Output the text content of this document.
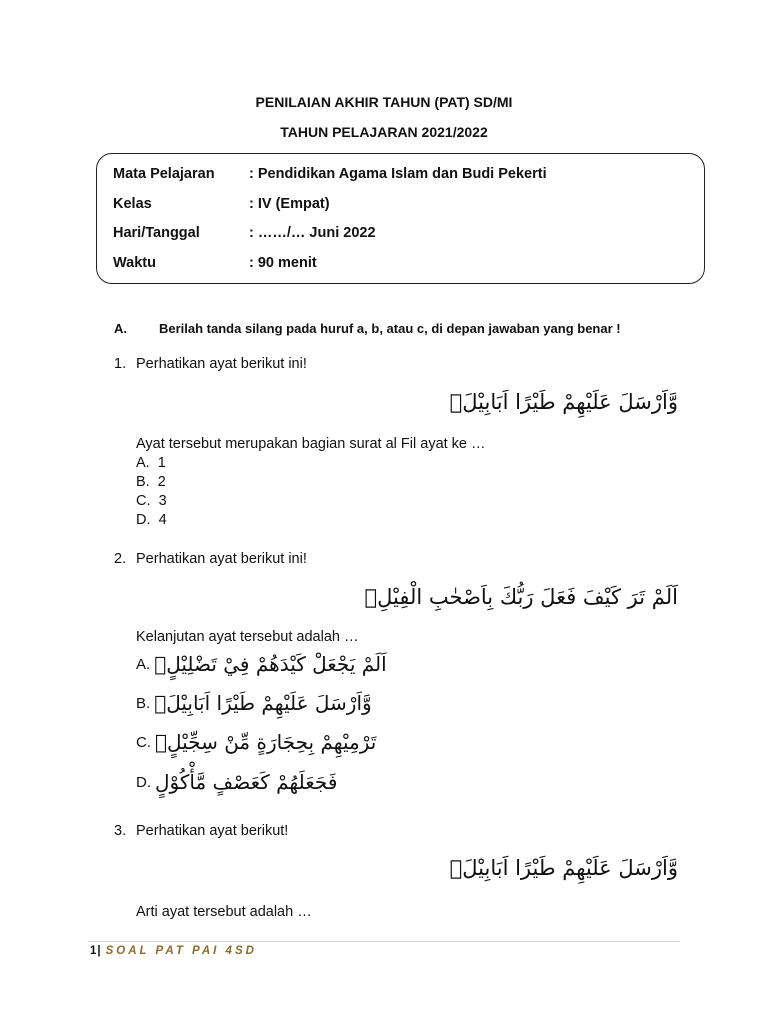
PENILAIAN AKHIR TAHUN (PAT) SD/MI
TAHUN PELAJARAN 2021/2022
Mata Pelajaran : Pendidikan Agama Islam dan Budi Pekerti
Kelas	: IV (Empat)
Hari/Tanggal	: ……/… Juni 2022
Waktu	: 90 menit
A. Berilah tanda silang pada huruf a, b, atau c, di depan jawaban yang benar !
1. Perhatikan ayat berikut ini!
وَّاَرْسَلَ عَلَيْهِمْ طَيْرًا اَبَابِيْلَۙ
Ayat tersebut merupakan bagian surat al Fil ayat ke …
A. 1
B. 2
C. 3
D. 4
2. Perhatikan ayat berikut ini!
اَلَمْ تَرَ كَيْفَ فَعَلَ رَبُّكَ بِاَصْحٰبِ الْفِيْلِۗ
Kelanjutan ayat tersebut adalah …
A. اَلَمْ يَجْعَلْ كَيْدَهُمْ فِيْ تَضْلِيْلٍۙ
B. وَّاَرْسَلَ عَلَيْهِمْ طَيْرًا اَبَابِيْلَۙ
C. تَرْمِيْهِمْ بِحِجَارَةٍ مِّنْ سِجِّيْلٍۙ
D. فَجَعَلَهُمْ كَعَصْفٍ مَّأْكُوْلٍ
3. Perhatikan ayat berikut!
وَّاَرْسَلَ عَلَيْهِمْ طَيْرًا اَبَابِيْلَۙ
Arti ayat tersebut adalah …
1| SOAL PAT PAI 4SD
